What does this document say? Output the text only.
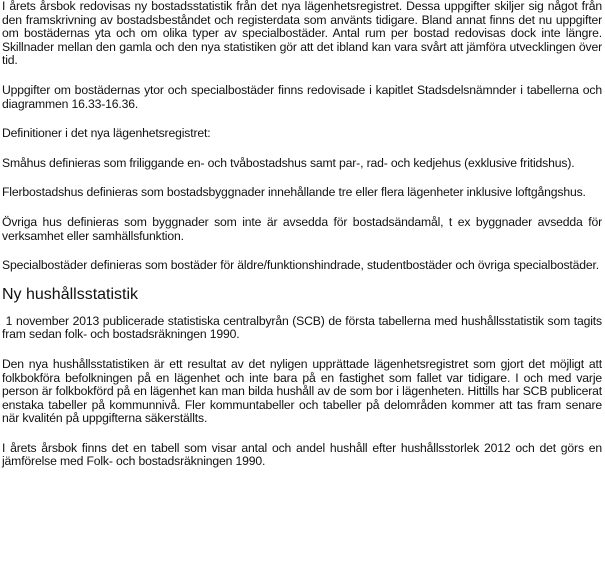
I årets årsbok redovisas ny bostadsstatistik från det nya lägenhetsregistret. Dessa uppgifter skiljer sig något från den framskrivning av bostadsbeståndet och registerdata som använts tidigare. Bland annat finns det nu uppgifter om bostädernas yta och om olika typer av specialbostäder. Antal rum per bostad redovisas dock inte längre. Skillnader mellan den gamla och den nya statistiken gör att det ibland kan vara svårt att jämföra utvecklingen över tid.

Uppgifter om bostädernas ytor och specialbostäder finns redovisade i kapitlet Stadsdelsnämnder i tabellerna och diagrammen 16.33-16.36.

Definitioner i det nya lägenhetsregistret:

Småhus definieras som friliggande en- och tvåbostadshus samt par-, rad- och kedjehus (exklusive fritidshus).

Flerbostadshus definieras som bostadsbyggnader innehållande tre eller flera lägenheter inklusive loftgångshus.

Övriga hus definieras som byggnader som inte är avsedda för bostadsändamål, t ex byggnader avsedda för verksamhet eller samhällsfunktion.

Specialbostäder definieras som bostäder för äldre/funktionshindrade, studentbostäder och övriga specialbostäder.

Ny hushållsstatistik

1 november 2013 publicerade statistiska centralbyrån (SCB) de första tabellerna med hushållsstatistik som tagits fram sedan folk- och bostadsräkningen 1990.

Den nya hushållsstatistiken är ett resultat av det nyligen upprättade lägenhetsregistret som gjort det möjligt att folkbokföra befolkningen på en lägenhet och inte bara på en fastighet som fallet var tidigare. I och med varje person är folkbokförd på en lägenhet kan man bilda hushåll av de som bor i lägenheten. Hittills har SCB publicerat enstaka tabeller på kommunnivå. Fler kommuntabeller och tabeller på delområden kommer att tas fram senare när kvalitén på uppgifterna säkerställts.

I årets årsbok finns det en tabell som visar antal och andel hushåll efter hushållsstorlek 2012 och det görs en jämförelse med Folk- och bostadsräkningen 1990.
